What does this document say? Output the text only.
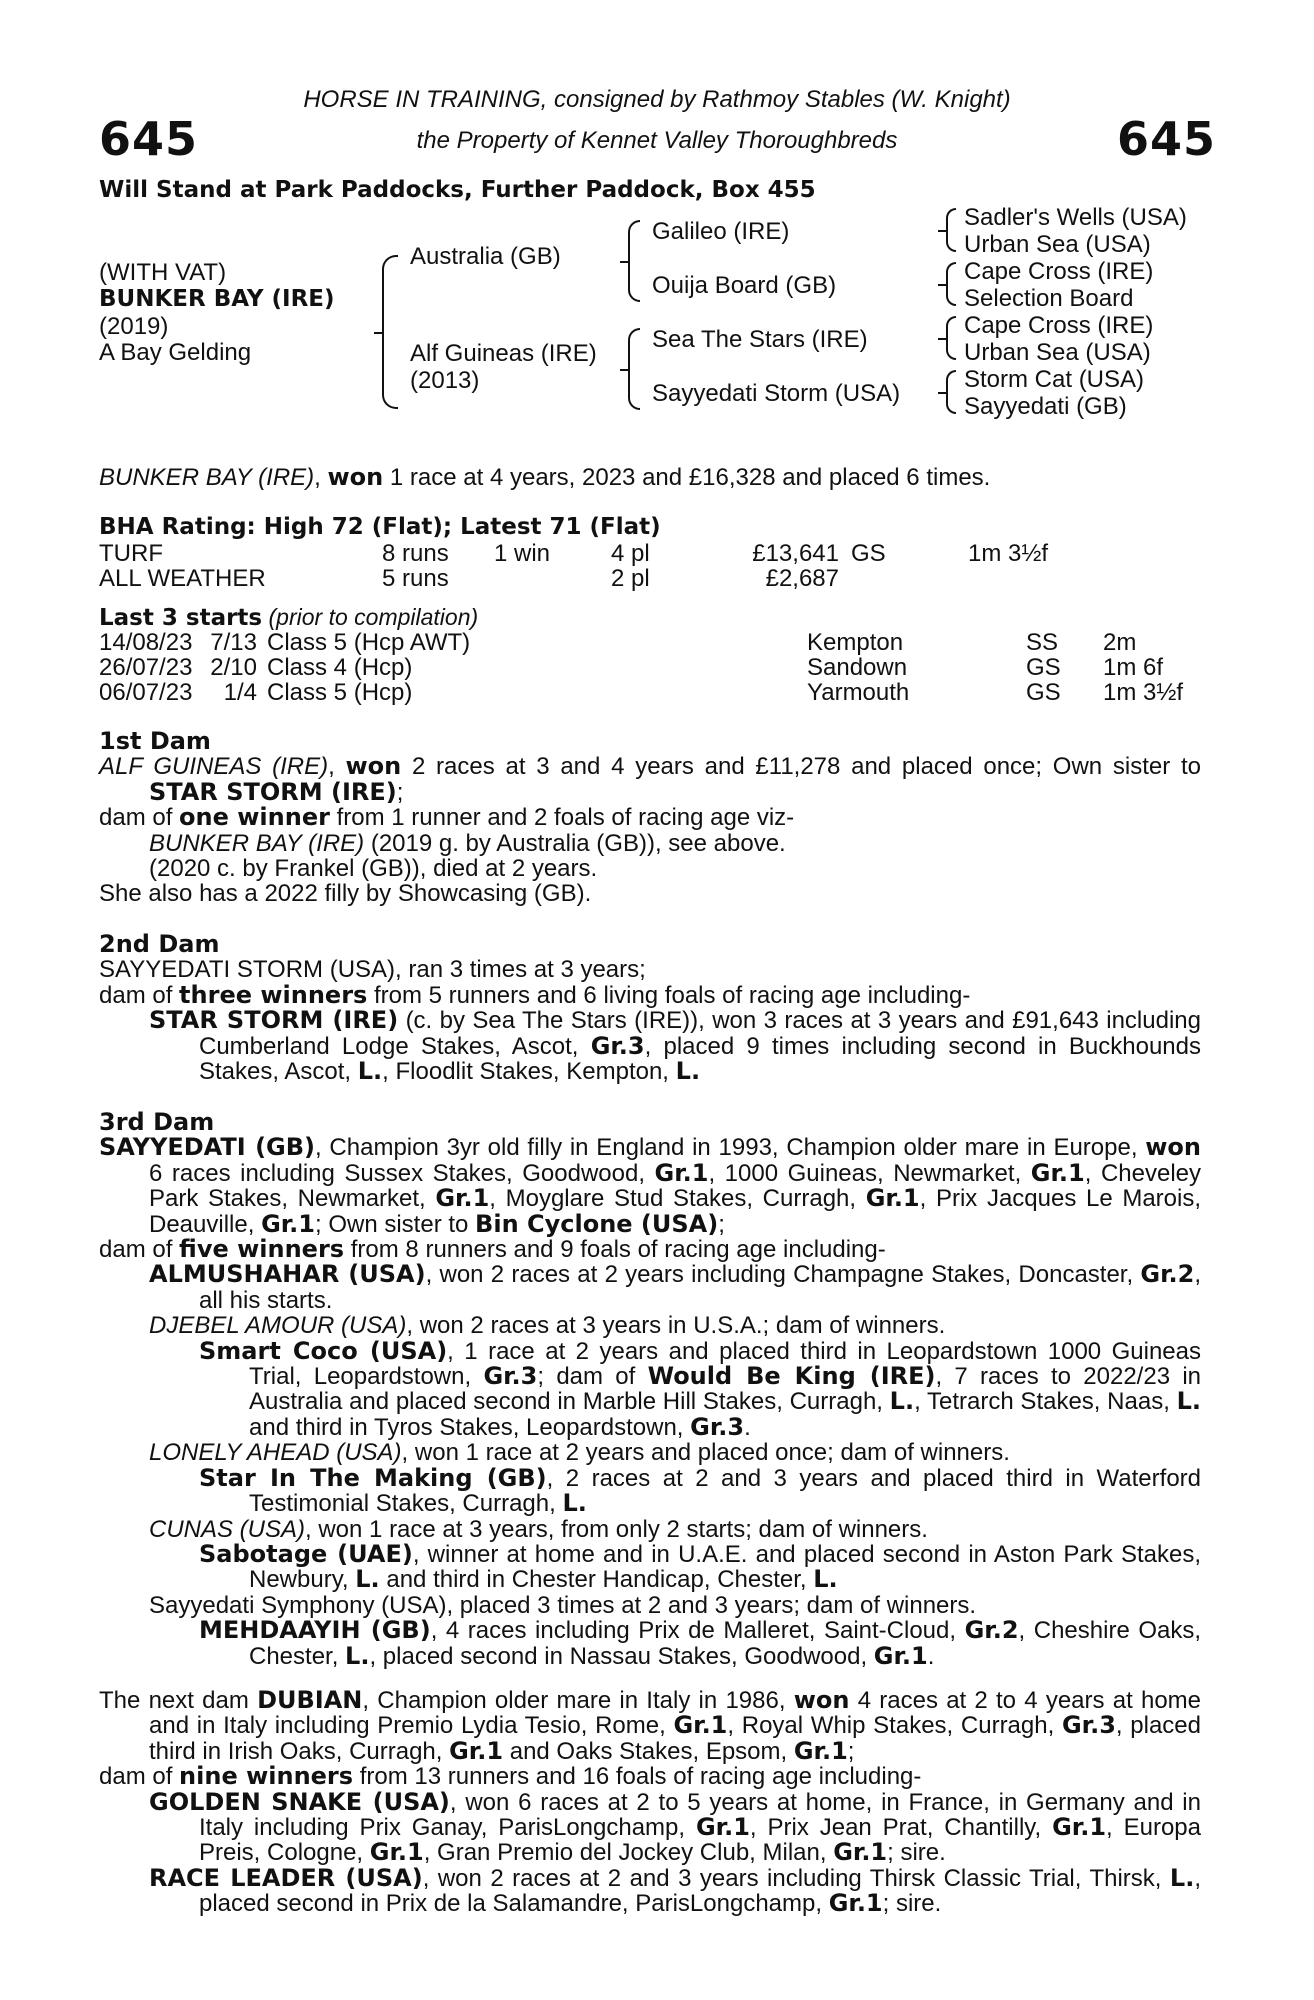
645	645
HORSE IN TRAINING, consigned by Rathmoy Stables (W. Knight)
the Property of Kennet Valley Thoroughbreds
Will Stand at Park Paddocks, Further Paddock, Box 455
(WITH VAT)
BUNKER BAY (IRE)
(2019)
A Bay Gelding
Australia (GB)
Alf Guineas (IRE)
(2013)
Galileo (IRE)
Ouija Board (GB)
Sea The Stars (IRE)
Sayyedati Storm (USA)
Sadler's Wells (USA)
Urban Sea (USA)
Cape Cross (IRE)
Selection Board
Cape Cross (IRE)
Urban Sea (USA)
Storm Cat (USA)
Sayyedati (GB)
BUNKER BAY (IRE), won 1 race at 4 years, 2023 and £16,328 and placed 6 times.
BHA Rating: High 72 (Flat); Latest 71 (Flat)
TURF	8 runs	1 win	4 pl	£13,641 GS	1m 3½f
ALL WEATHER	5 runs	2 pl	£2,687
Last 3 starts (prior to compilation)
14/08/23 7/13 Class 5 (Hcp AWT)	Kempton	SS	2m
26/07/23 2/10 Class 4 (Hcp)	Sandown	GS	1m 6f
06/07/23	1/4 Class 5 (Hcp)	Yarmouth	GS	1m 3½f

1st Dam

ALF GUINEAS (IRE), won 2 races at 3 and 4 years and £11,278 and placed once; Own sister to STAR STORM (IRE);

dam of one winner from 1 runner and 2 foals of racing age viz-

BUNKER BAY (IRE) (2019 g. by Australia (GB)), see above.

(2020 c. by Frankel (GB)), died at 2 years.

She also has a 2022 filly by Showcasing (GB).

2nd Dam

SAYYEDATI STORM (USA), ran 3 times at 3 years;

dam of three winners from 5 runners and 6 living foals of racing age including-

STAR STORM (IRE) (c. by Sea The Stars (IRE)), won 3 races at 3 years and £91,643 including Cumberland Lodge Stakes, Ascot, Gr.3, placed 9 times including second in Buckhounds Stakes, Ascot, L., Floodlit Stakes, Kempton, L.

3rd Dam

SAYYEDATI (GB), Champion 3yr old filly in England in 1993, Champion older mare in Europe, won 6 races including Sussex Stakes, Goodwood, Gr.1, 1000 Guineas, Newmarket, Gr.1, Cheveley Park Stakes, Newmarket, Gr.1, Moyglare Stud Stakes, Curragh, Gr.1, Prix Jacques Le Marois, Deauville, Gr.1; Own sister to Bin Cyclone (USA);

dam of five winners from 8 runners and 9 foals of racing age including-

ALMUSHAHAR (USA), won 2 races at 2 years including Champagne Stakes, Doncaster, Gr.2, all his starts.

DJEBEL AMOUR (USA), won 2 races at 3 years in U.S.A.; dam of winners.

Smart Coco (USA), 1 race at 2 years and placed third in Leopardstown 1000 Guineas Trial, Leopardstown, Gr.3; dam of Would Be King (IRE), 7 races to 2022/23 in Australia and placed second in Marble Hill Stakes, Curragh, L., Tetrarch Stakes, Naas, L. and third in Tyros Stakes, Leopardstown, Gr.3.

LONELY AHEAD (USA), won 1 race at 2 years and placed once; dam of winners.

Star In The Making (GB), 2 races at 2 and 3 years and placed third in Waterford Testimonial Stakes, Curragh, L.

CUNAS (USA), won 1 race at 3 years, from only 2 starts; dam of winners.

Sabotage (UAE), winner at home and in U.A.E. and placed second in Aston Park Stakes, Newbury, L. and third in Chester Handicap, Chester, L.

Sayyedati Symphony (USA), placed 3 times at 2 and 3 years; dam of winners.

MEHDAAYIH (GB), 4 races including Prix de Malleret, Saint-Cloud, Gr.2, Cheshire Oaks, Chester, L., placed second in Nassau Stakes, Goodwood, Gr.1.

The next dam DUBIAN, Champion older mare in Italy in 1986, won 4 races at 2 to 4 years at home and in Italy including Premio Lydia Tesio, Rome, Gr.1, Royal Whip Stakes, Curragh, Gr.3, placed third in Irish Oaks, Curragh, Gr.1 and Oaks Stakes, Epsom, Gr.1;

dam of nine winners from 13 runners and 16 foals of racing age including-

GOLDEN SNAKE (USA), won 6 races at 2 to 5 years at home, in France, in Germany and in Italy including Prix Ganay, ParisLongchamp, Gr.1, Prix Jean Prat, Chantilly, Gr.1, Europa Preis, Cologne, Gr.1, Gran Premio del Jockey Club, Milan, Gr.1; sire.

RACE LEADER (USA), won 2 races at 2 and 3 years including Thirsk Classic Trial, Thirsk, L., placed second in Prix de la Salamandre, ParisLongchamp, Gr.1; sire.
